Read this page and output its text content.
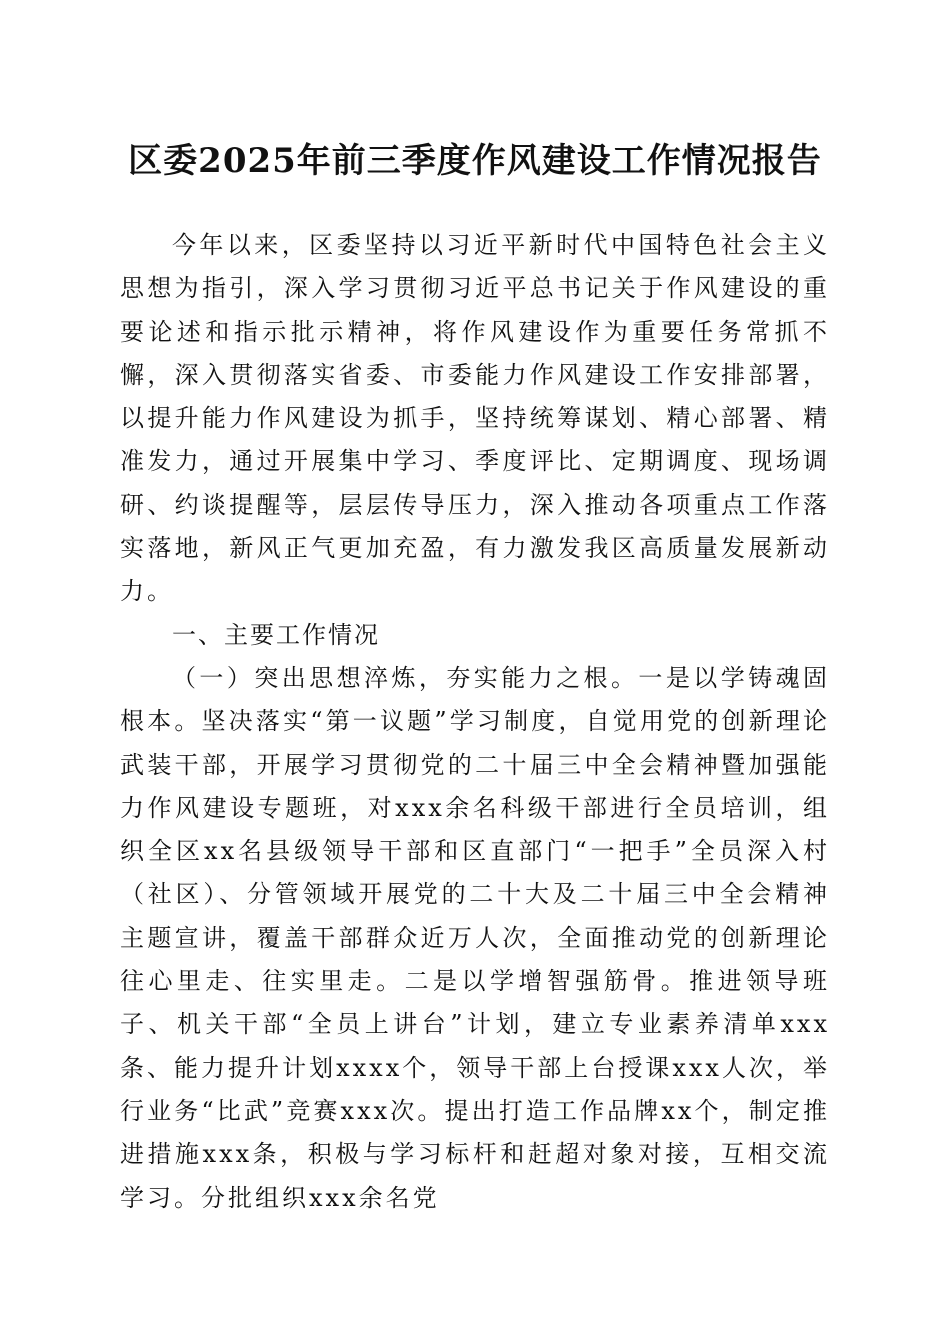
区委2025年前三季度作风建设工作情况报告

今年以来，区委坚持以习近平新时代中国特色社会主义思想为指引，深入学习贯彻习近平总书记关于作风建设的重要论述和指示批示精神，将作风建设作为重要任务常抓不懈，深入贯彻落实省委、市委能力作风建设工作安排部署，以提升能力作风建设为抓手，坚持统筹谋划、精心部署、精准发力，通过开展集中学习、季度评比、定期调度、现场调研、约谈提醒等，层层传导压力，深入推动各项重点工作落实落地，新风正气更加充盈，有力激发我区高质量发展新动力。

一、主要工作情况

（一）突出思想淬炼，夯实能力之根。一是以学铸魂固根本。坚决落实“第一议题”学习制度，自觉用党的创新理论武装干部，开展学习贯彻党的二十届三中全会精神暨加强能力作风建设专题班，对xxx余名科级干部进行全员培训，组织全区xx名县级领导干部和区直部门“一把手”全员深入村（社区）、分管领域开展党的二十大及二十届三中全会精神主题宣讲，覆盖干部群众近万人次，全面推动党的创新理论往心里走、往实里走。二是以学增智强筋骨。推进领导班子、机关干部“全员上讲台”计划，建立专业素养清单xxx条、能力提升计划xxxx个，领导干部上台授课xxx人次，举行业务“比武”竞赛xxx次。提出打造工作品牌xx个，制定推进措施xxx条，积极与学习标杆和赶超对象对接，互相交流学习。分批组织xxx余名党
